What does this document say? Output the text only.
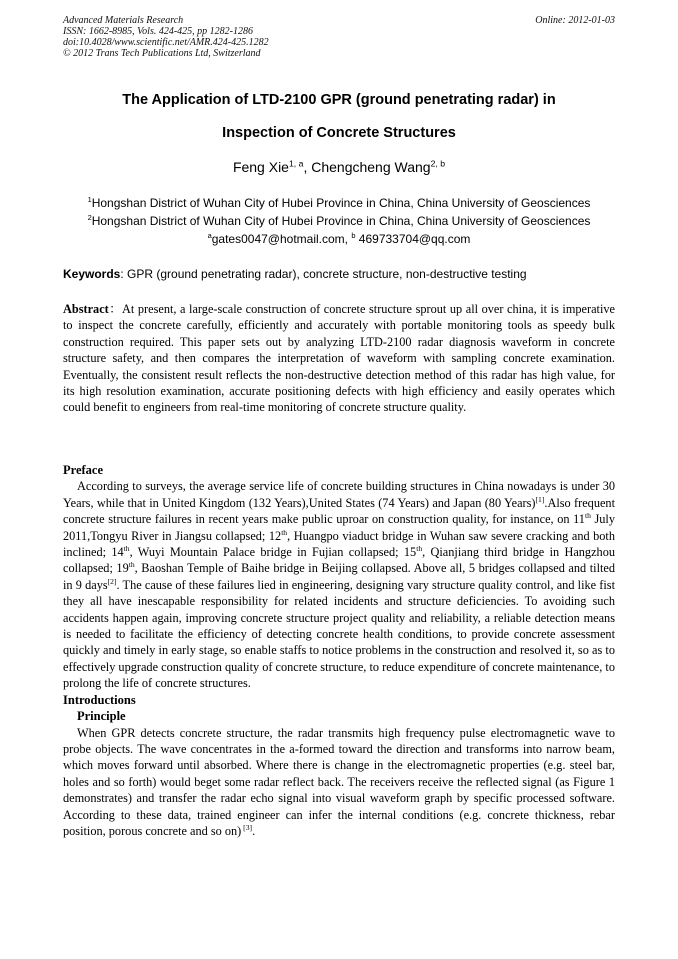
Advanced Materials Research
ISSN: 1662-8985, Vols. 424-425, pp 1282-1286
doi:10.4028/www.scientific.net/AMR.424-425.1282
© 2012 Trans Tech Publications Ltd, Switzerland
Online: 2012-01-03
The Application of LTD-2100 GPR (ground penetrating radar) in
Inspection of Concrete Structures
Feng Xie$^{1, a}$, Chengcheng Wang$^{2, b}$
$^1$Hongshan District of Wuhan City of Hubei Province in China, China University of Geosciences
$^2$Hongshan District of Wuhan City of Hubei Province in China, China University of Geosciences
$^a$gates0047@hotmail.com, $^b$ 469733704@qq.com
Keywords: GPR (ground penetrating radar), concrete structure, non-destructive testing

Abstract：At present, a large-scale construction of concrete structure sprout up all over china, it is imperative to inspect the concrete carefully, efficiently and accurately with portable monitoring tools as speedy bulk construction required. This paper sets out by analyzing LTD-2100 radar diagnosis waveform in concrete structure safety, and then compares the interpretation of waveform with sampling concrete examination. Eventually, the consistent result reflects the non-destructive detection method of this radar has high value, for its high resolution examination, accurate positioning defects with high efficiency and easily operates which could benefit to engineers from real-time monitoring of concrete structure quality.

Preface

According to surveys, the average service life of concrete building structures in China nowadays is under 30 Years, while that in United Kingdom (132 Years),United States (74 Years) and Japan (80 Years)[1].Also frequent concrete structure failures in recent years make public uproar on construction quality, for instance, on 11th July 2011,Tongyu River in Jiangsu collapsed; 12th, Huangpo viaduct bridge in Wuhan saw severe cracking and both inclined; 14th, Wuyi Mountain Palace bridge in Fujian collapsed; 15th, Qianjiang third bridge in Hangzhou collapsed; 19th, Baoshan Temple of Baihe bridge in Beijing collapsed. Above all, 5 bridges collapsed and tilted in 9 days[2]. The cause of these failures lied in engineering, designing vary structure quality control, and like fist they all have inescapable responsibility for related incidents and structure deficiencies. To avoiding such accidents happen again, improving concrete structure project quality and reliability, a reliable detection means is needed to facilitate the efficiency of detecting concrete health conditions, to provide concrete assessment quickly and timely in early stage, so enable staffs to notice problems in the construction and resolved it, so as to effectively upgrade construction quality of concrete structure, to reduce expenditure of concrete maintenance, to prolong the life of concrete structures.

Introductions

Principle

When GPR detects concrete structure, the radar transmits high frequency pulse electromagnetic wave to probe objects. The wave concentrates in the a-formed toward the direction and transforms into narrow beam, which moves forward until absorbed. Where there is change in the electromagnetic properties (e.g. steel bar, holes and so forth) would beget some radar reflect back. The receivers receive the reflected signal (as Figure 1 demonstrates) and transfer the radar echo signal into visual waveform graph by specific processed software. According to these data, trained engineer can infer the internal conditions (e.g. concrete thickness, rebar position, porous concrete and so on) [3].
